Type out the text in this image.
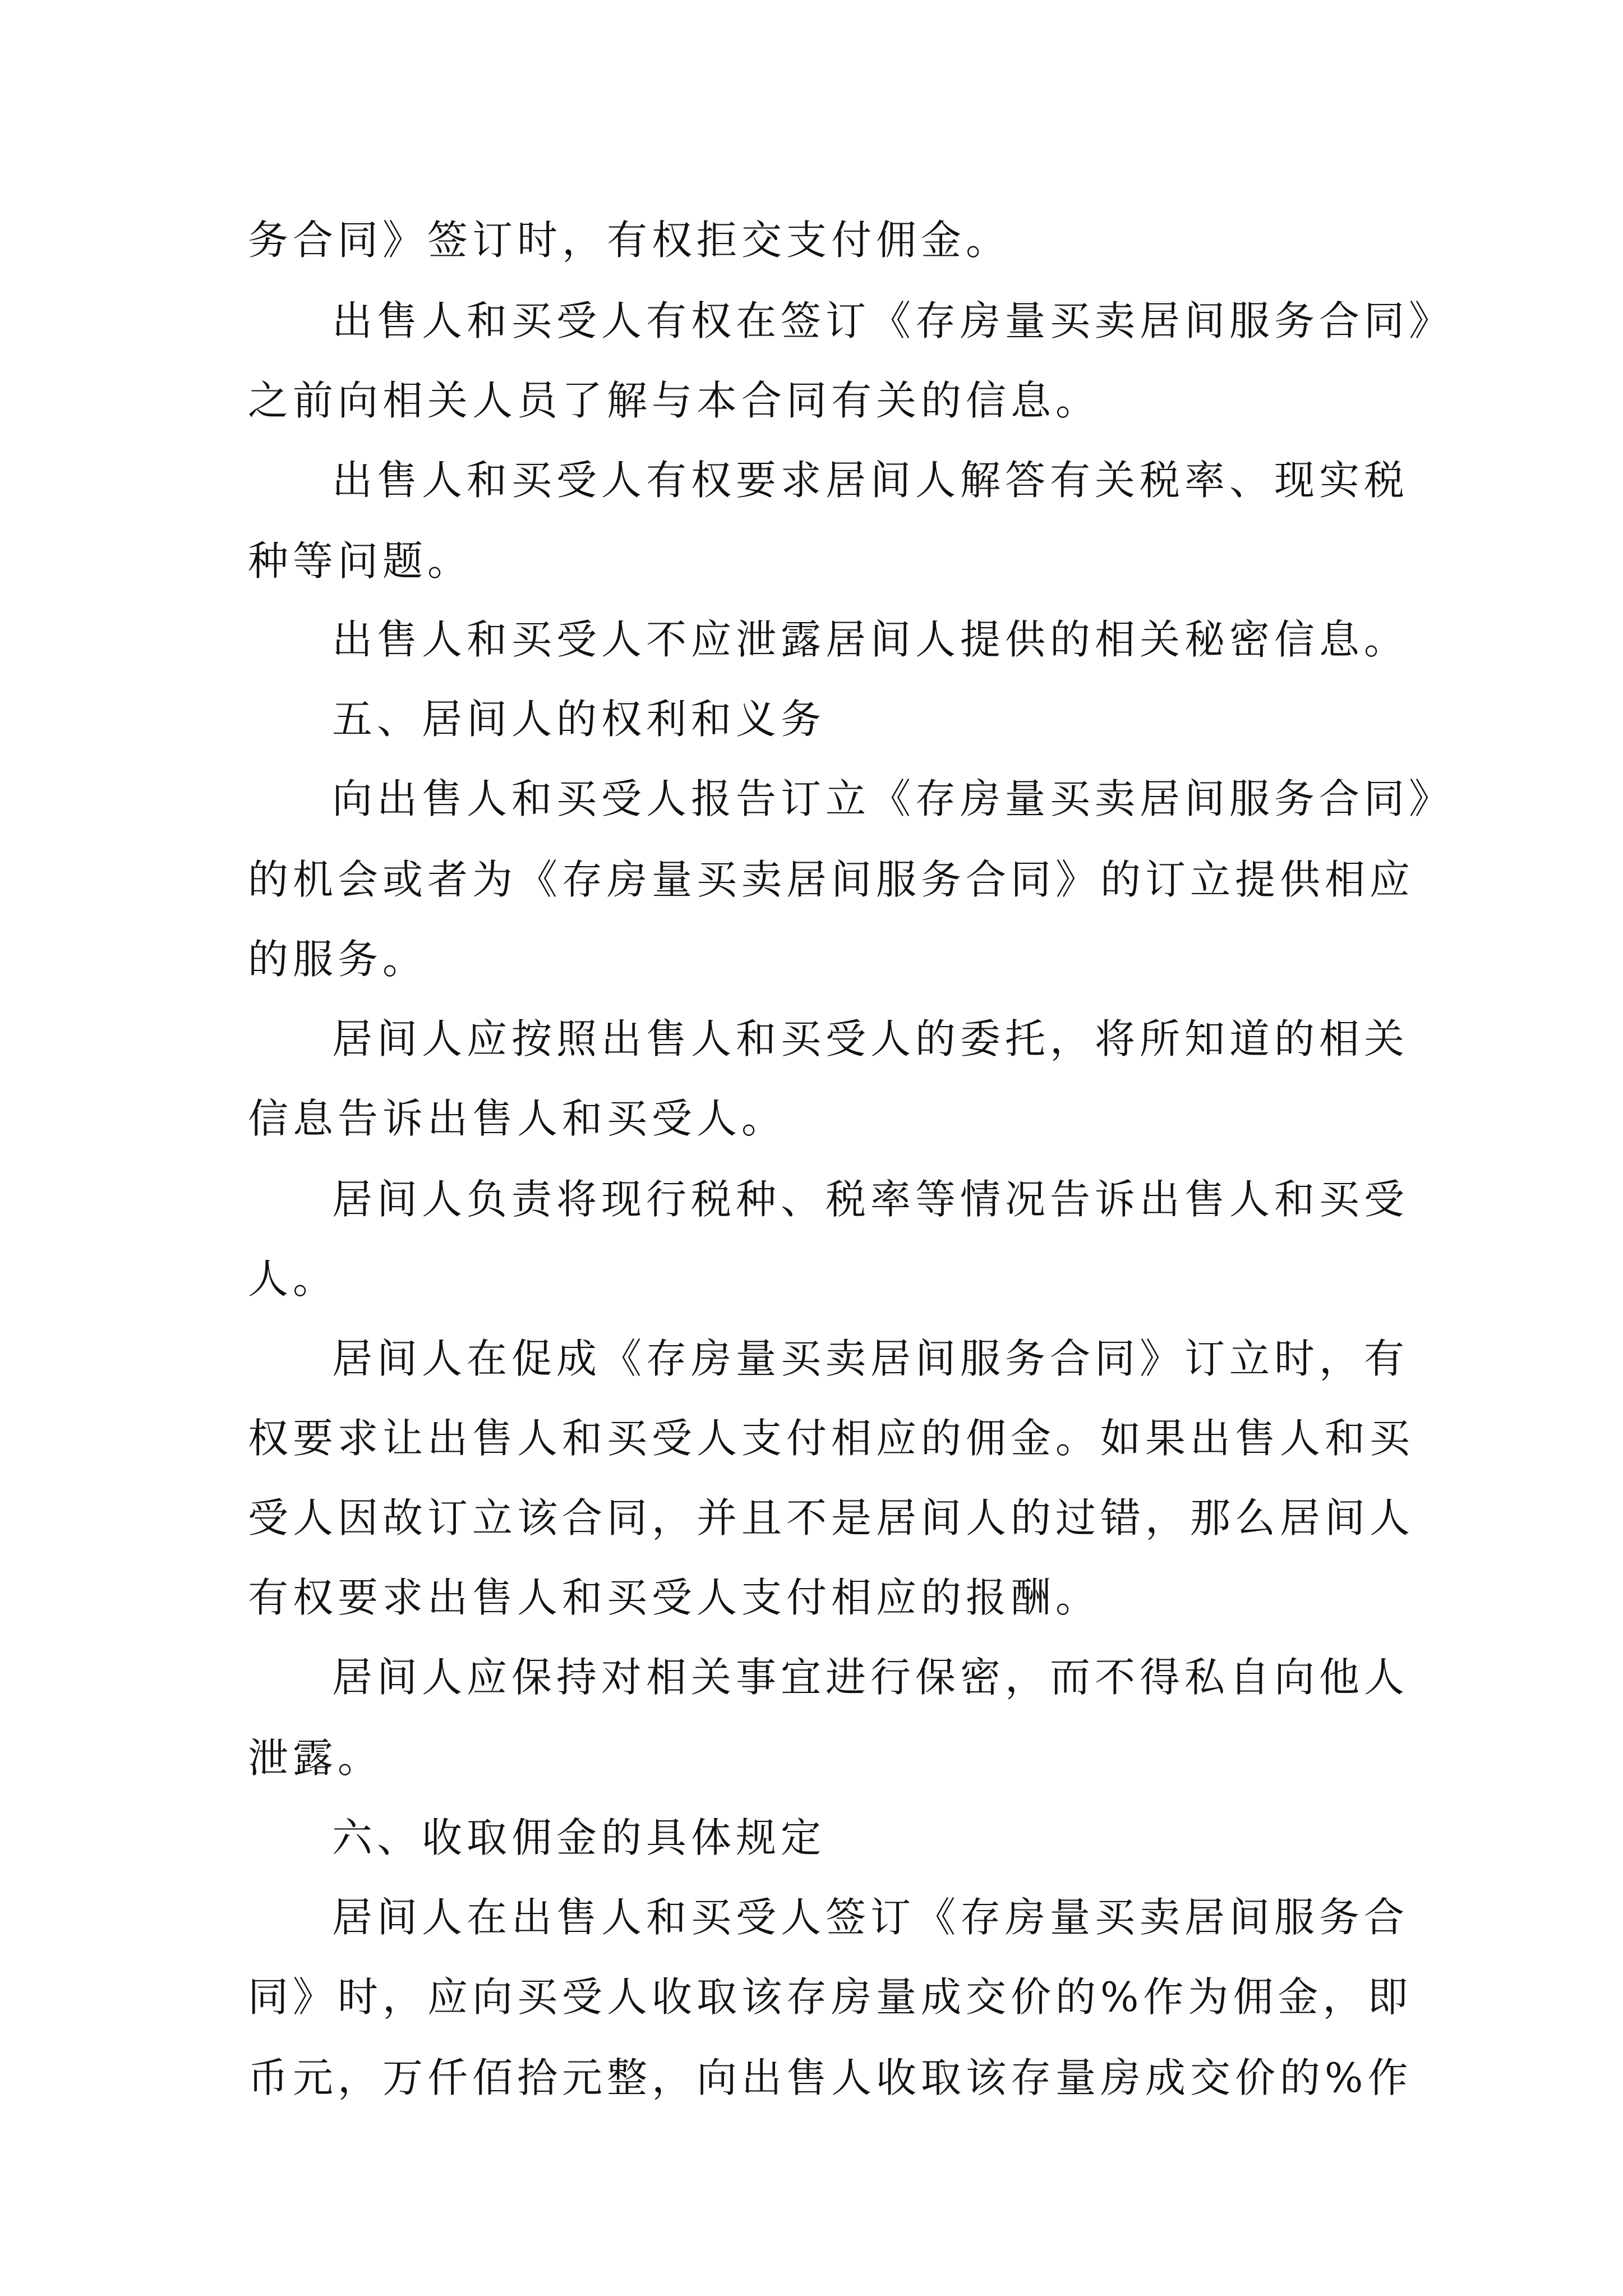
务合同》签订时，有权拒交支付佣金。
出售人和买受人有权在签订《存房量买卖居间服务合同》
之前向相关人员了解与本合同有关的信息。
出售人和买受人有权要求居间人解答有关税率、现实税
种等问题。
出售人和买受人不应泄露居间人提供的相关秘密信息。
五、居间人的权利和义务
向出售人和买受人报告订立《存房量买卖居间服务合同》
的机会或者为《存房量买卖居间服务合同》的订立提供相应
的服务。
居间人应按照出售人和买受人的委托，将所知道的相关
信息告诉出售人和买受人。
居间人负责将现行税种、税率等情况告诉出售人和买受
人。
居间人在促成《存房量买卖居间服务合同》订立时，有
权要求让出售人和买受人支付相应的佣金。如果出售人和买
受人因故订立该合同，并且不是居间人的过错，那么居间人
有权要求出售人和买受人支付相应的报酬。
居间人应保持对相关事宜进行保密，而不得私自向他人
泄露。
六、收取佣金的具体规定
居间人在出售人和买受人签订《存房量买卖居间服务合
同》时，应向买受人收取该存房量成交价的%作为佣金，即
币元，万仟佰拾元整，向出售人收取该存量房成交价的%作
